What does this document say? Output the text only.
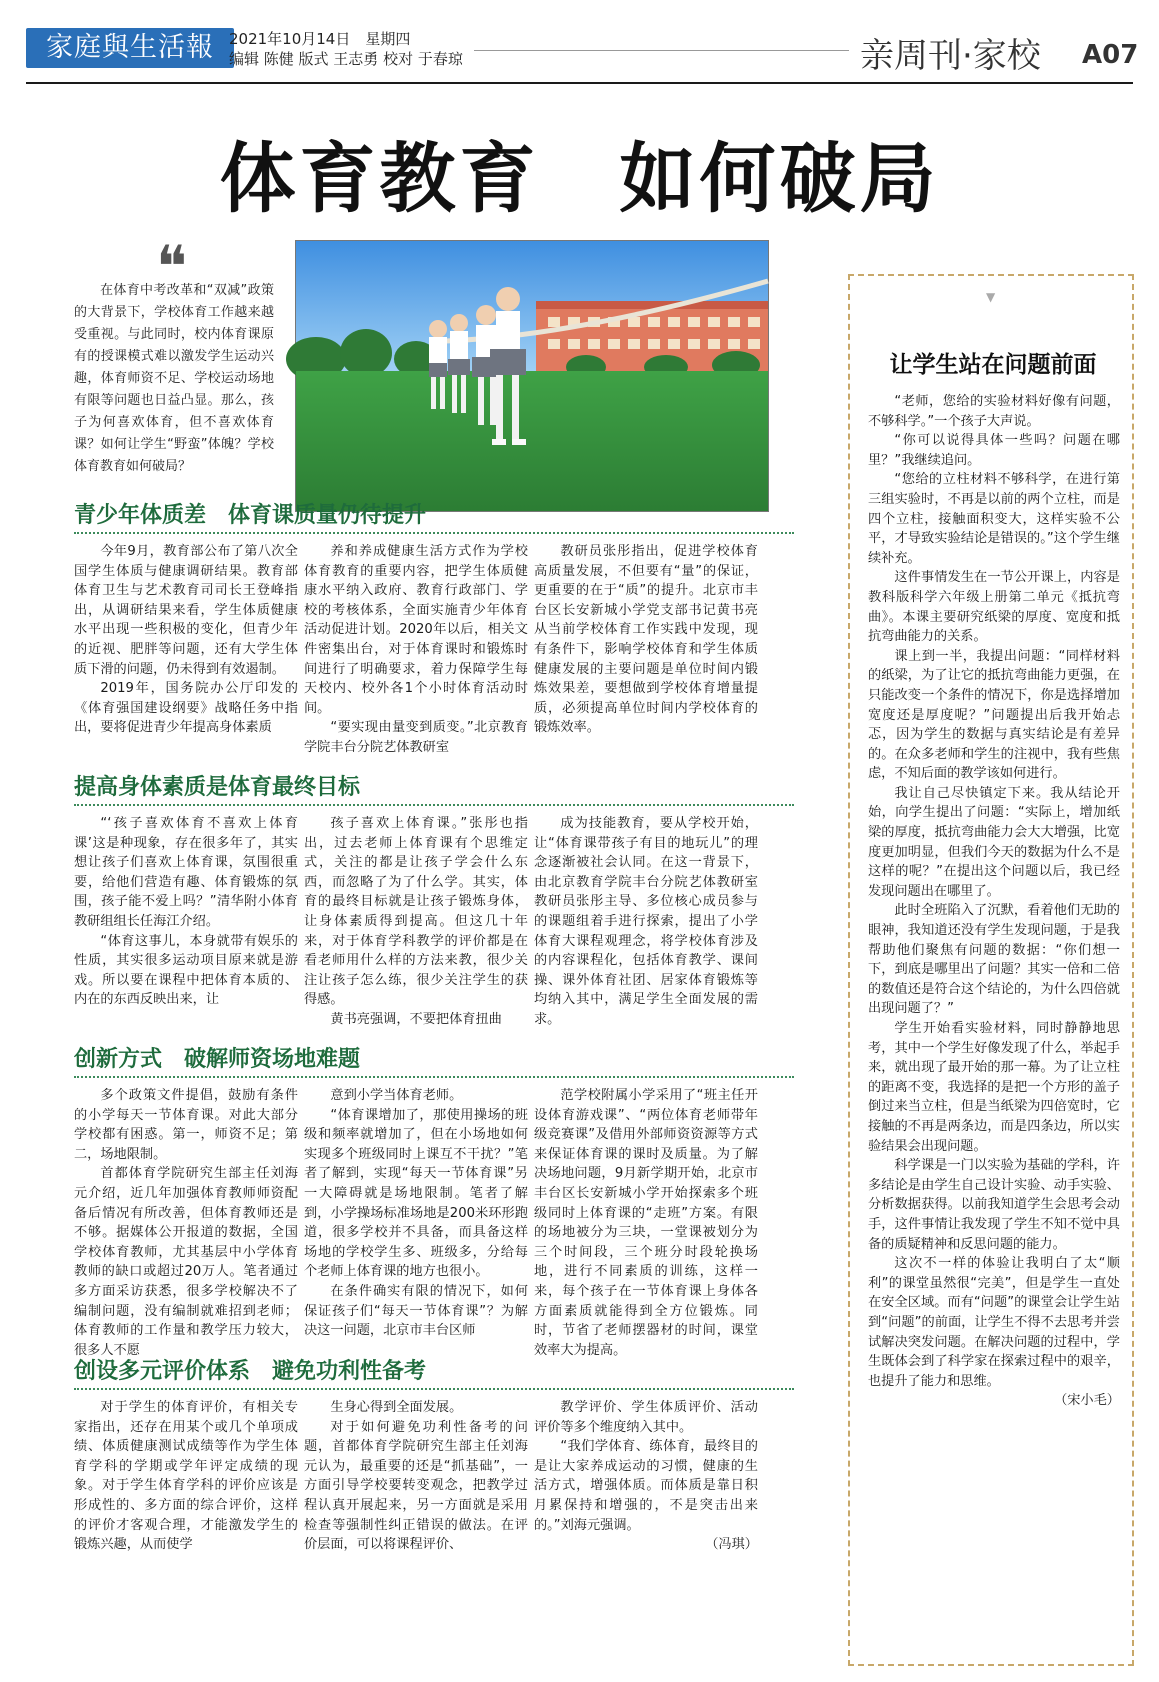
家庭與生活報	2021年10月14日　星期四
编辑 陈健 版式 王志勇 校对 于春琼	亲周刊·家校 A07
体育教育　如何破局
❝
在体育中考改革和“双减”政策的大背景下，学校体育工作越来越受重视。与此同时，校内体育课原有的授课模式难以激发学生运动兴趣，体育师资不足、学校运动场地有限等问题也日益凸显。那么，孩子为何喜欢体育，但不喜欢体育课？如何让学生“野蛮”体魄？学校体育教育如何破局？
青少年体质差　体育课质量仍待提升

今年9月，教育部公布了第八次全国学生体质与健康调研结果。教育部体育卫生与艺术教育司司长王登峰指出，从调研结果来看，学生体质健康水平出现一些积极的变化，但青少年的近视、肥胖等问题，还有大学生体质下滑的问题，仍未得到有效遏制。

2019年，国务院办公厅印发的《体育强国建设纲要》战略任务中指出，要将促进青少年提高身体素质

养和养成健康生活方式作为学校体育教育的重要内容，把学生体质健康水平纳入政府、教育行政部门、学校的考核体系，全面实施青少年体育活动促进计划。2020年以后，相关文件密集出台，对于体育课时和锻炼时间进行了明确要求，着力保障学生每天校内、校外各1个小时体育活动时间。

“要实现由量变到质变。”北京教育学院丰台分院艺体教研室

教研员张彤指出，促进学校体育高质量发展，不但要有“量”的保证，更重要的在于“质”的提升。北京市丰台区长安新城小学党支部书记黄书亮从当前学校体育工作实践中发现，现有条件下，影响学校体育和学生体质健康发展的主要问题是单位时间内锻炼效果差，要想做到学校体育增量提质，必须提高单位时间内学校体育的锻炼效率。

提高身体素质是体育最终目标

“‘孩子喜欢体育不喜欢上体育课’这是种现象，存在很多年了，其实想让孩子们喜欢上体育课，氛围很重要，给他们营造有趣、体育锻炼的氛围，孩子能不爱上吗？”清华附小体育教研组组长任海江介绍。

“体育这事儿，本身就带有娱乐的性质，其实很多运动项目原来就是游戏。所以要在课程中把体育本质的、内在的东西反映出来，让

孩子喜欢上体育课。”张彤也指出，过去老师上体育课有个思维定式，关注的都是让孩子学会什么东西，而忽略了为了什么学。其实，体育的最终目标就是让孩子锻炼身体，让身体素质得到提高。但这几十年来，对于体育学科教学的评价都是在看老师用什么样的方法来教，很少关注让孩子怎么练，很少关注学生的获得感。

黄书亮强调，不要把体育扭曲

成为技能教育，要从学校开始，让“体育课带孩子有目的地玩儿”的理念逐渐被社会认同。在这一背景下，由北京教育学院丰台分院艺体教研室教研员张彤主导、多位核心成员参与的课题组着手进行探索，提出了小学体育大课程观理念，将学校体育涉及的内容课程化，包括体育教学、课间操、课外体育社团、居家体育锻炼等均纳入其中，满足学生全面发展的需求。

创新方式　破解师资场地难题

多个政策文件提倡，鼓励有条件的小学每天一节体育课。对此大部分学校都有困惑。第一，师资不足；第二，场地限制。

首都体育学院研究生部主任刘海元介绍，近几年加强体育教师师资配备后情况有所改善，但体育教师还是不够。据媒体公开报道的数据，全国学校体育教师，尤其基层中小学体育教师的缺口或超过20万人。笔者通过多方面采访获悉，很多学校解决不了编制问题，没有编制就难招到老师；体育教师的工作量和教学压力较大，很多人不愿

意到小学当体育老师。

“体育课增加了，那使用操场的班级和频率就增加了，但在小场地如何实现多个班级同时上课互不干扰？”笔者了解到，实现“每天一节体育课”另一大障碍就是场地限制。笔者了解到，小学操场标准场地是200米环形跑道，很多学校并不具备，而具备这样场地的学校学生多、班级多，分给每个老师上体育课的地方也很小。

在条件确实有限的情况下，如何保证孩子们“每天一节体育课”？为解决这一问题，北京市丰台区师

范学校附属小学采用了“班主任开设体育游戏课”、“两位体育老师带年级竞赛课”及借用外部师资资源等方式来保证体育课的课时及质量。为了解决场地问题，9月新学期开始，北京市丰台区长安新城小学开始探索多个班级同时上体育课的“走班”方案。有限的场地被分为三块，一堂课被划分为三个时间段，三个班分时段轮换场地，进行不同素质的训练，这样一来，每个孩子在一节体育课上身体各方面素质就能得到全方位锻炼。同时，节省了老师摆器材的时间，课堂效率大为提高。

创设多元评价体系　避免功利性备考

对于学生的体育评价，有相关专家指出，还存在用某个或几个单项成绩、体质健康测试成绩等作为学生体育学科的学期或学年评定成绩的现象。对于学生体育学科的评价应该是形成性的、多方面的综合评价，这样的评价才客观合理，才能激发学生的锻炼兴趣，从而使学

生身心得到全面发展。

对于如何避免功利性备考的问题，首都体育学院研究生部主任刘海元认为，最重要的还是“抓基础”，一方面引导学校要转变观念，把教学过程认真开展起来，另一方面就是采用检查等强制性纠正错误的做法。在评价层面，可以将课程评价、

教学评价、学生体质评价、活动评价等多个维度纳入其中。

“我们学体育、练体育，最终目的是让大家养成运动的习惯，健康的生活方式，增强体质。而体质是靠日积月累保持和增强的，不是突击出来的。”刘海元强调。

（冯琪）

▼
让学生站在问题前面

“老师，您给的实验材料好像有问题，不够科学。”一个孩子大声说。

“你可以说得具体一些吗？问题在哪里？”我继续追问。

“您给的立柱材料不够科学，在进行第三组实验时，不再是以前的两个立柱，而是四个立柱，接触面积变大，这样实验不公平，才导致实验结论是错误的。”这个学生继续补充。

这件事情发生在一节公开课上，内容是教科版科学六年级上册第二单元《抵抗弯曲》。本课主要研究纸梁的厚度、宽度和抵抗弯曲能力的关系。

课上到一半，我提出问题：“同样材料的纸梁，为了让它的抵抗弯曲能力更强，在只能改变一个条件的情况下，你是选择增加宽度还是厚度呢？”问题提出后我开始忐忑，因为学生的数据与真实结论是有差异的。在众多老师和学生的注视中，我有些焦虑，不知后面的教学该如何进行。

我让自己尽快镇定下来。我从结论开始，向学生提出了问题：“实际上，增加纸梁的厚度，抵抗弯曲能力会大大增强，比宽度更加明显，但我们今天的数据为什么不是这样的呢？”在提出这个问题以后，我已经发现问题出在哪里了。

此时全班陷入了沉默，看着他们无助的眼神，我知道还没有学生发现问题，于是我帮助他们聚焦有问题的数据：“你们想一下，到底是哪里出了问题？其实一倍和二倍的数值还是符合这个结论的，为什么四倍就出现问题了？”

学生开始看实验材料，同时静静地思考，其中一个学生好像发现了什么，举起手来，就出现了最开始的那一幕。为了让立柱的距离不变，我选择的是把一个方形的盖子倒过来当立柱，但是当纸梁为四倍宽时，它接触的不再是两条边，而是四条边，所以实验结果会出现问题。

科学课是一门以实验为基础的学科，许多结论是由学生自己设计实验、动手实验、分析数据获得。以前我知道学生会思考会动手，这件事情让我发现了学生不知不觉中具备的质疑精神和反思问题的能力。

这次不一样的体验让我明白了太“顺利”的课堂虽然很“完美”，但是学生一直处在安全区域。而有“问题”的课堂会让学生站到“问题”的前面，让学生不得不去思考并尝试解决突发问题。在解决问题的过程中，学生既体会到了科学家在探索过程中的艰辛，也提升了能力和思维。

（宋小毛）
